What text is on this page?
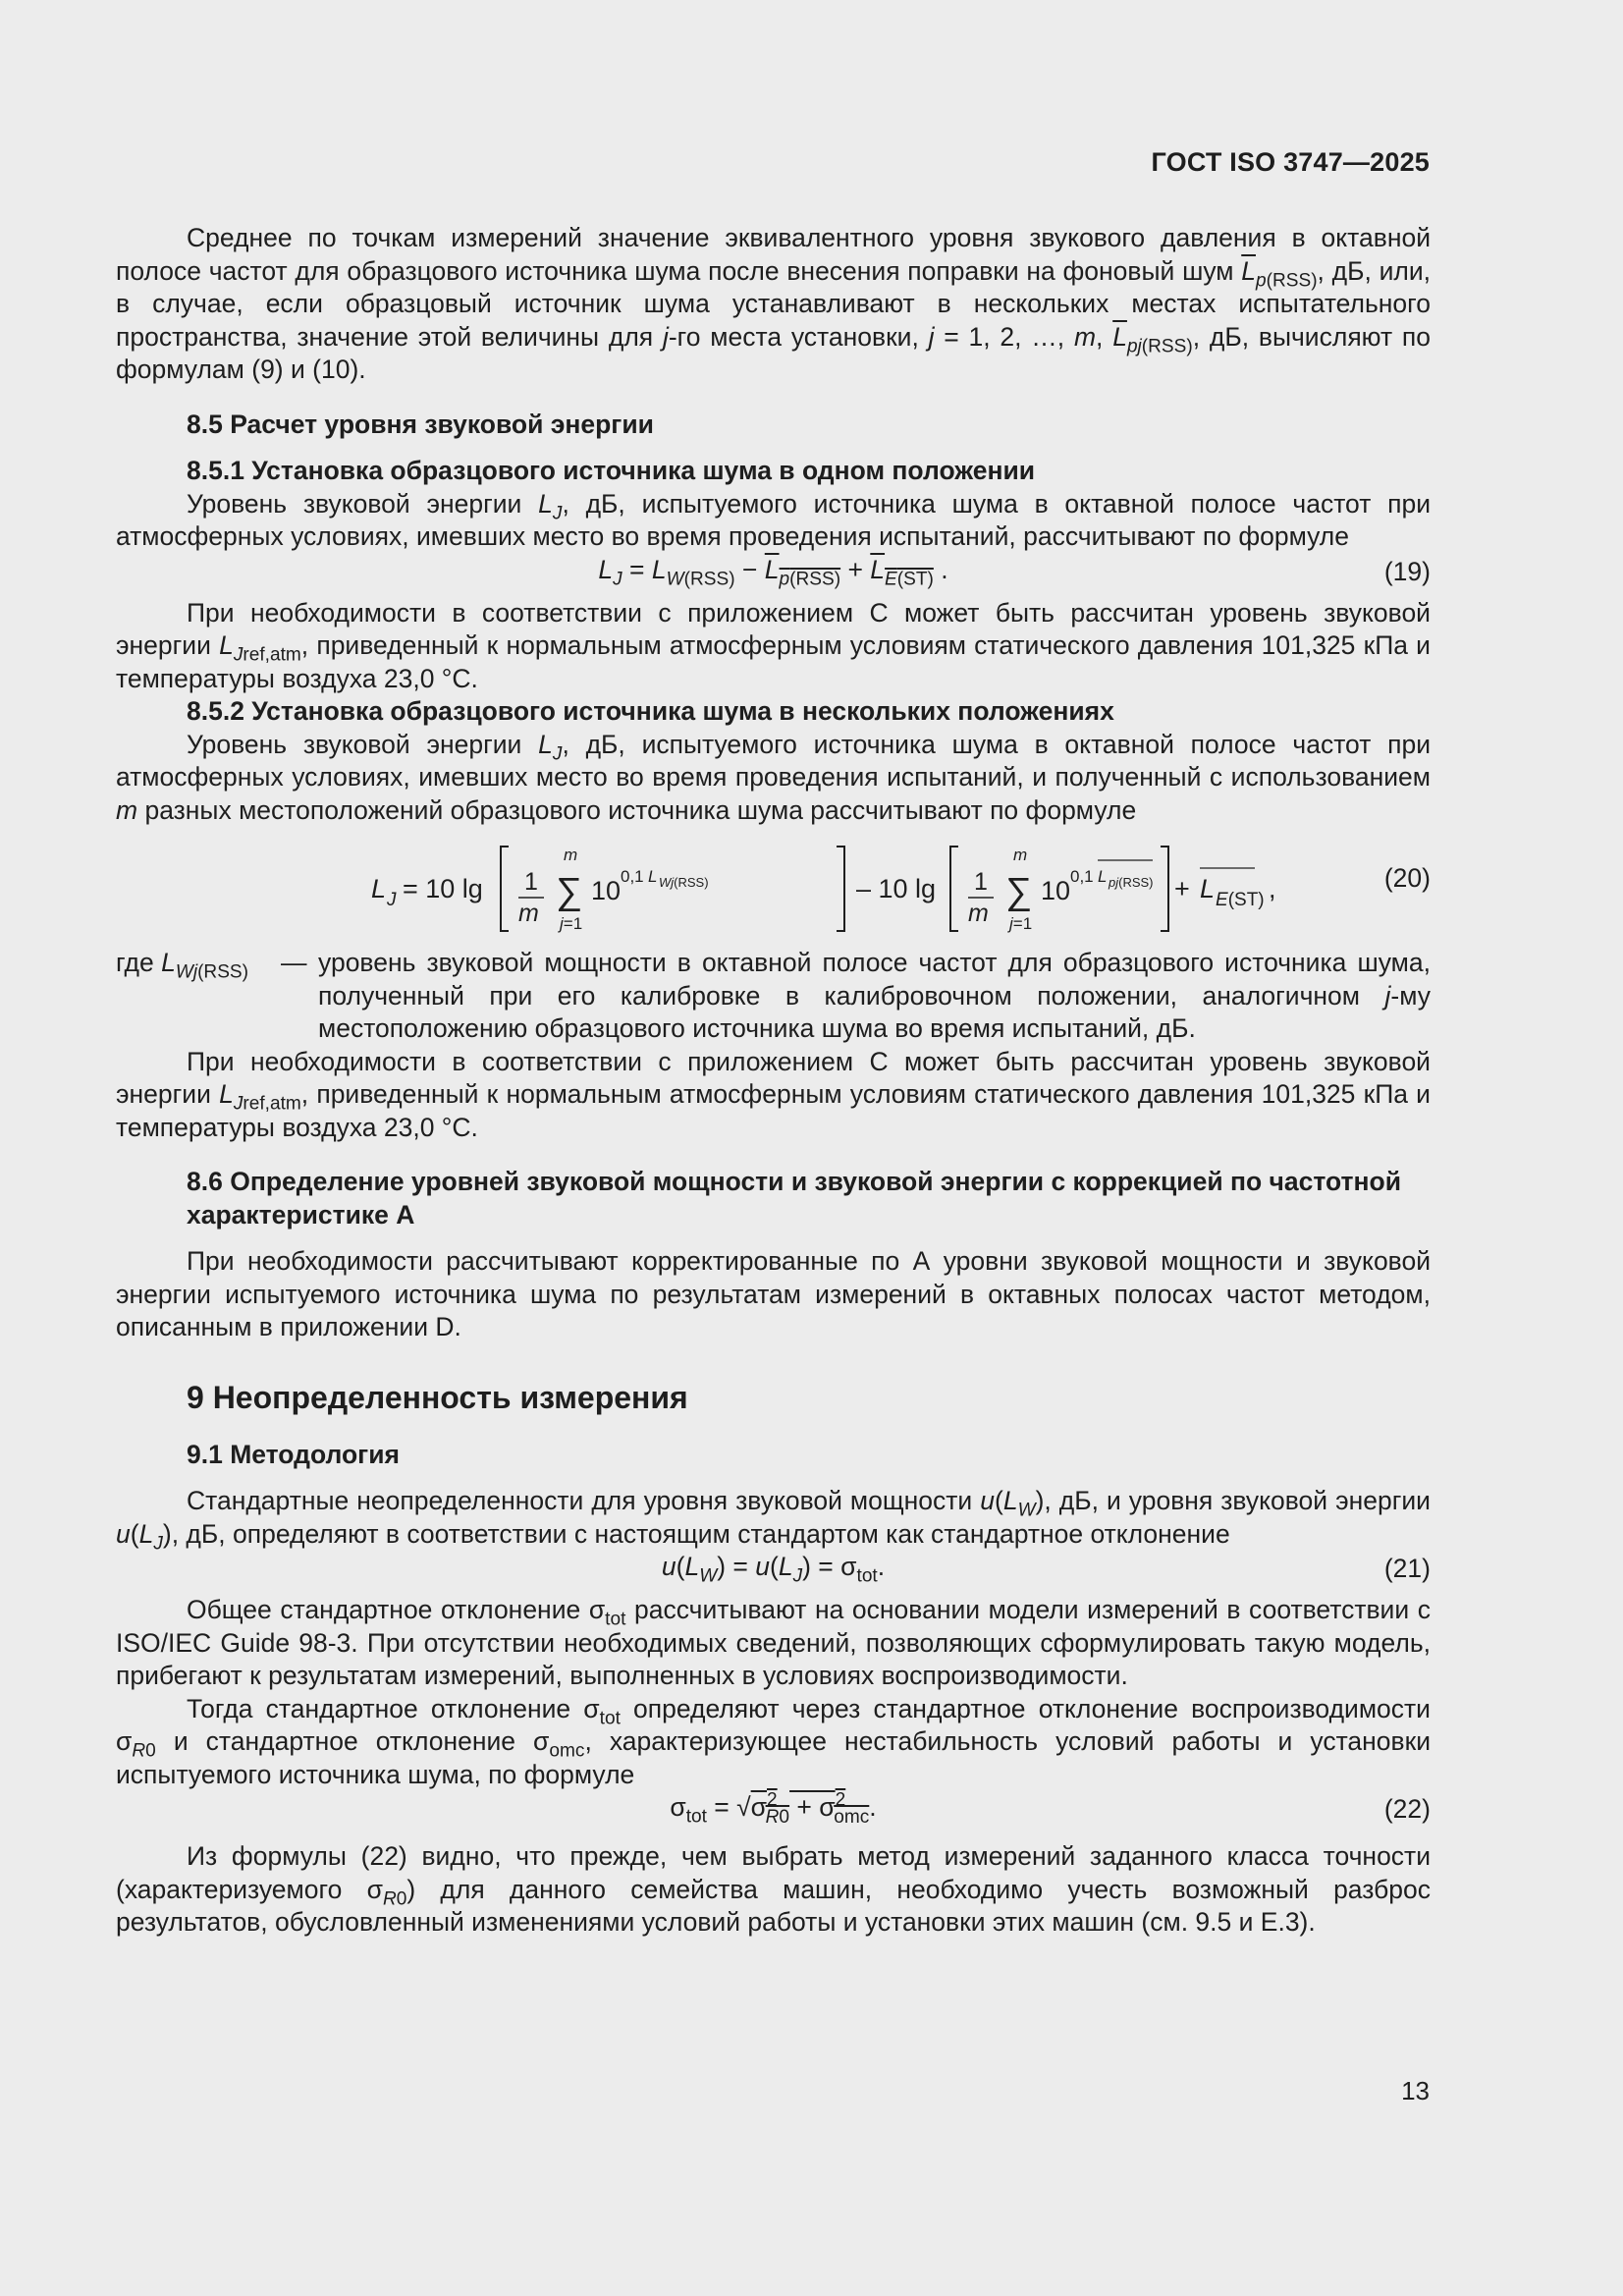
ГОСТ ISO 3747—2025

Среднее по точкам измерений значение эквивалентного уровня звукового давления в октавной полосе частот для образцового источника шума после внесения поправки на фоновый шум $\overline{L}_{p(RSS)}$, дБ, или, в случае, если образцовый источник шума устанавливают в нескольких местах испытательного пространства, значение этой величины для j-го места установки, j = 1, 2, …, m, $\overline{L}_{pj(RSS)}$, дБ, вычисляют по формулам (9) и (10).

8.5 Расчет уровня звуковой энергии

8.5.1 Установка образцового источника шума в одном положении

Уровень звуковой энергии $L_J$, дБ, испытуемого источника шума в октавной полосе частот при атмосферных условиях, имевших место во время проведения испытаний, рассчитывают по формуле

$L_J = L_{W(RSS)} - L_{p(RSS)} + L_{E(ST)}$ .	(19)

При необходимости в соответствии с приложением С может быть рассчитан уровень звуковой энергии $L_{Jref,atm}$, приведенный к нормальным атмосферным условиям статического давления 101,325 кПа и температуры воздуха 23,0 °С.

8.5.2 Установка образцового источника шума в нескольких положениях

Уровень звуковой энергии $L_J$, дБ, испытуемого источника шума в октавной полосе частот при атмосферных условиях, имевших место во время проведения испытаний, и полученный с использованием m разных местоположений образцового источника шума рассчитывают по формуле

L J = 10 lg 1
m
m
∑
j=1
10 0,1 L Wj(RSS)	– 10 lg 1
m
m
∑
j=1
10 0,1 L pj(RSS) + L E(ST) ,	(20)
где $L_{Wj(RSS)}$ — уровень звуковой мощности в октавной полосе частот для образцового источника шума, полученный при его калибровке в калибровочном положении, аналогичном j-му местоположению образцового источника шума во время испытаний, дБ.

При необходимости в соответствии с приложением С может быть рассчитан уровень звуковой энергии $L_{Jref,atm}$, приведенный к нормальным атмосферным условиям статического давления 101,325 кПа и температуры воздуха 23,0 °С.

8.6 Определение уровней звуковой мощности и звуковой энергии с коррекцией по частотной характеристике А

При необходимости рассчитывают корректированные по А уровни звуковой мощности и звуковой энергии испытуемого источника шума по результатам измерений в октавных полосах частот методом, описанным в приложении D.

9 Неопределенность измерения

9.1 Методология

Стандартные неопределенности для уровня звуковой мощности $u(L_W)$, дБ, и уровня звуковой энергии $u(L_J)$, дБ, определяют в соответствии с настоящим стандартом как стандартное отклонение

$u(L_W) = u(L_J) = \sigma_{tot}$.	(21)

Общее стандартное отклонение $\sigma_{tot}$ рассчитывают на основании модели измерений в соответствии с ISO/IEC Guide 98-3. При отсутствии необходимых сведений, позволяющих сформулировать такую модель, прибегают к результатам измерений, выполненных в условиях воспроизводимости.

Тогда стандартное отклонение $\sigma_{tot}$ определяют через стандартное отклонение воспроизводимости $\sigma_{R0}$ и стандартное отклонение $\sigma_{omc}$, характеризующее нестабильность условий работы и установки испытуемого источника шума, по формуле

$\sigma_{tot} = √\sigma^2_{R0} + \sigma^2_{omc}$.	(22)

Из формулы (22) видно, что прежде, чем выбрать метод измерений заданного класса точности (характеризуемого $\sigma_{R0}$) для данного семейства машин, необходимо учесть возможный разброс результатов, обусловленный изменениями условий работы и установки этих машин (см. 9.5 и Е.3).

13
